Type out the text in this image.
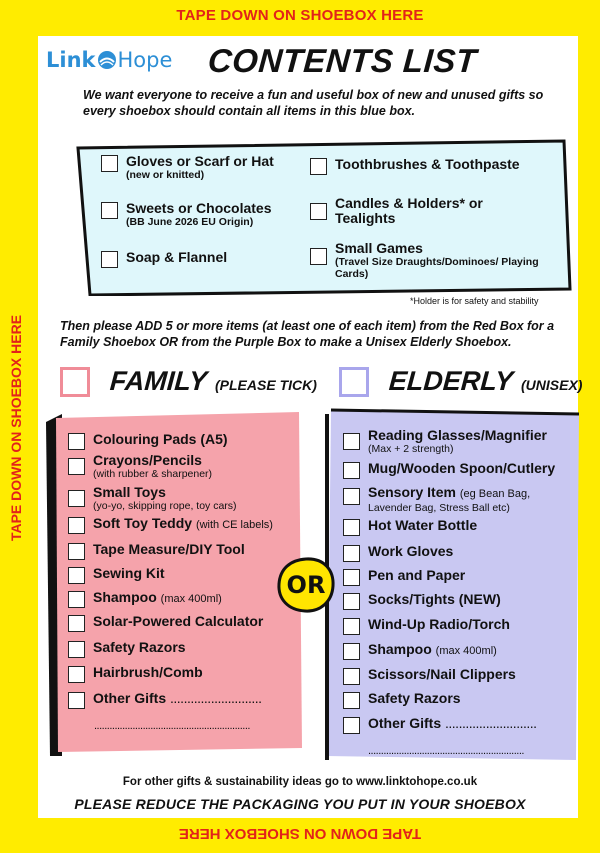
TAPE DOWN ON SHOEBOX HERE
TAPE DOWN ON SHOEBOX HERE
TAPE DOWN ON SHOEBOX HERE
Link Hope CONTENTS LIST
We want everyone to receive a fun and useful box of new and unused gifts so every shoebox should contain all items in this blue box.
Gloves or Scarf or Hat
(new or knitted)
Sweets or Chocolates
(BB June 2026 EU Origin)
Soap & Flannel
Toothbrushes & Toothpaste
Candles & Holders* or Tealights
Small Games
(Travel Size Draughts/Dominoes/ Playing Cards)
*Holder is for safety and stability
Then please ADD 5 or more items (at least one of each item) from the Red Box for a Family Shoebox OR from the Purple Box to make a Unisex Elderly Shoebox.
FAMILY (PLEASE TICK)	ELDERLY (UNISEX)
Colouring Pads (A5)
Crayons/Pencils
(with rubber & sharpener)
Small Toys
(yo-yo, skipping rope, toy cars)
Soft Toy Teddy (with CE labels)
Tape Measure/DIY Tool
Sewing Kit
Shampoo (max 400ml)
Solar-Powered Calculator
Safety Razors
Hairbrush/Comb
Other Gifts ...........................
.............................................................
Reading Glasses/Magnifier
(Max + 2 strength)
Mug/Wooden Spoon/Cutlery
Sensory Item (eg Bean Bag,
Lavender Bag, Stress Ball etc)
Hot Water Bottle
Work Gloves
Pen and Paper
Socks/Tights (NEW)
Wind-Up Radio/Torch
Shampoo (max 400ml)
Scissors/Nail Clippers
Safety Razors
Other Gifts ...........................
.............................................................
OR
For other gifts & sustainability ideas go to www.linktohope.co.uk
PLEASE REDUCE THE PACKAGING YOU PUT IN YOUR SHOEBOX
